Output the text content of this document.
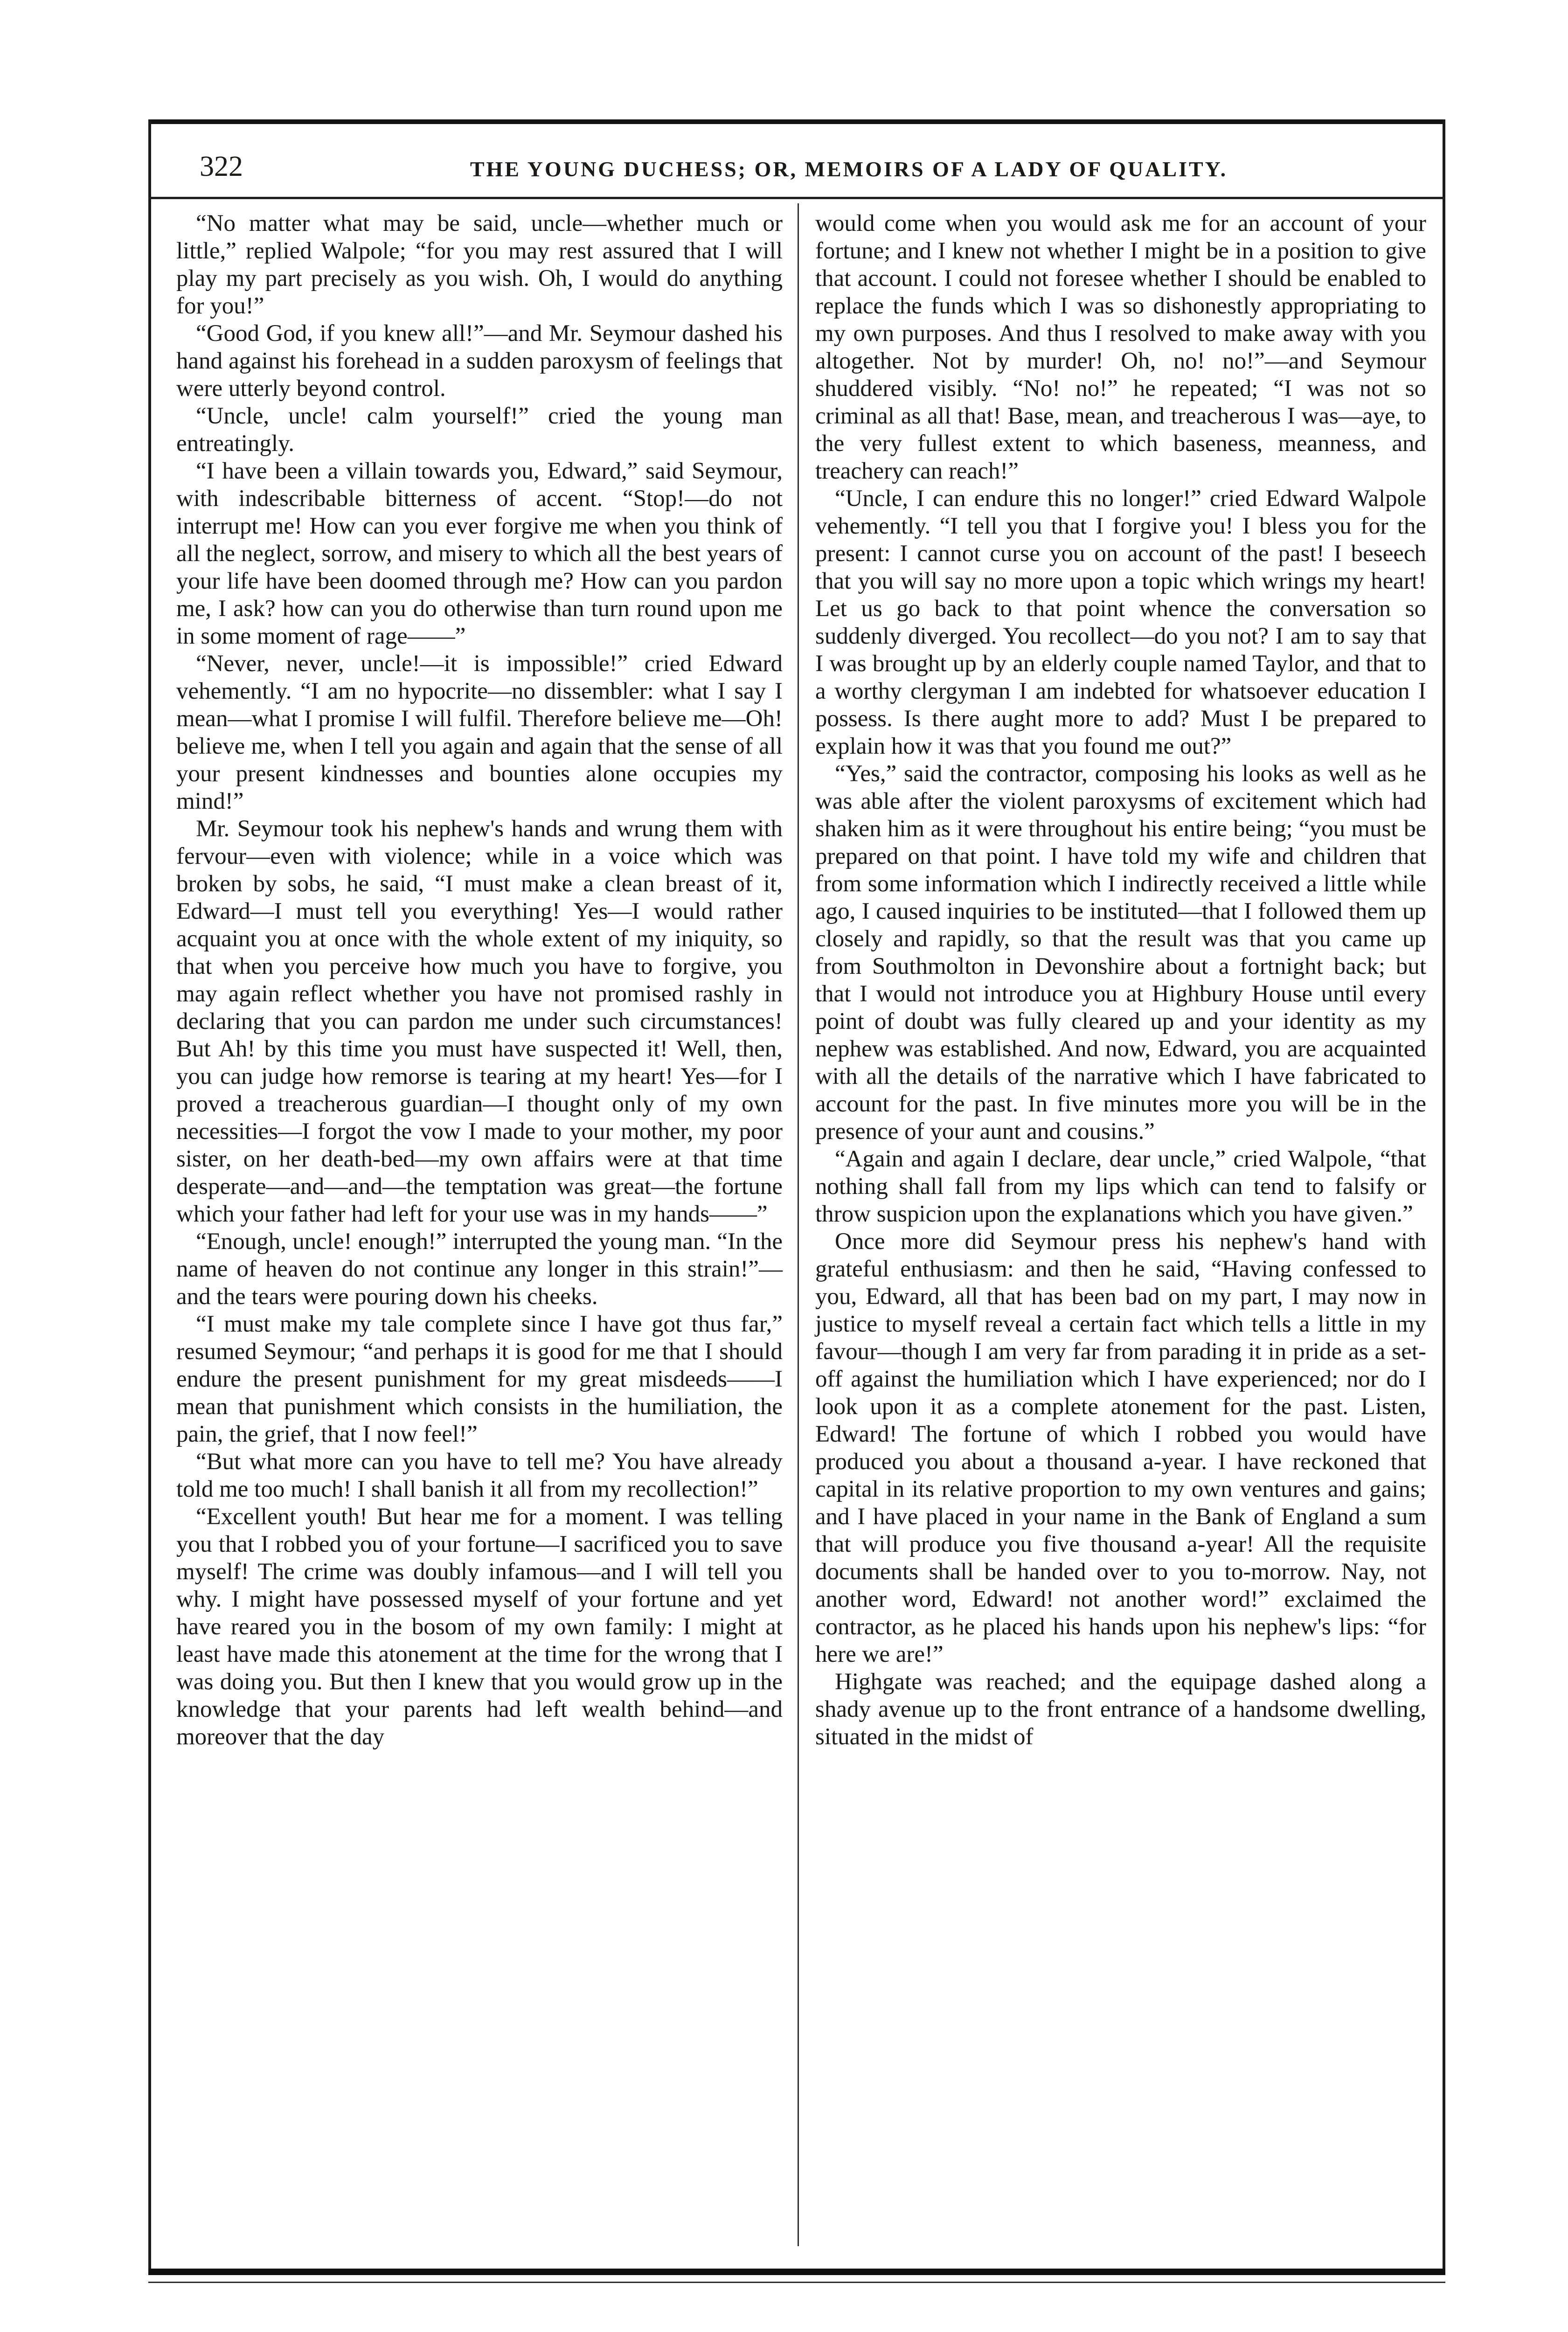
322	THE YOUNG DUCHESS; OR, MEMOIRS OF A LADY OF QUALITY.

“No matter what may be said, uncle—whether much or little,” replied Walpole; “for you may rest assured that I will play my part precisely as you wish. Oh, I would do anything for you!”

“Good God, if you knew all!”—and Mr. Seymour dashed his hand against his forehead in a sudden paroxysm of feelings that were utterly beyond control.

“Uncle, uncle! calm yourself!” cried the young man entreatingly.

“I have been a villain towards you, Edward,” said Seymour, with indescribable bitterness of accent. “Stop!—do not interrupt me! How can you ever forgive me when you think of all the neglect, sorrow, and misery to which all the best years of your life have been doomed through me? How can you pardon me, I ask? how can you do otherwise than turn round upon me in some moment of rage——”

“Never, never, uncle!—it is impossible!” cried Edward vehemently. “I am no hypocrite—no dissembler: what I say I mean—what I promise I will fulfil. Therefore believe me—Oh! believe me, when I tell you again and again that the sense of all your present kindnesses and bounties alone occupies my mind!”

Mr. Seymour took his nephew's hands and wrung them with fervour—even with violence; while in a voice which was broken by sobs, he said, “I must make a clean breast of it, Edward—I must tell you everything! Yes—I would rather acquaint you at once with the whole extent of my iniquity, so that when you perceive how much you have to forgive, you may again reflect whether you have not promised rashly in declaring that you can pardon me under such circumstances! But Ah! by this time you must have suspected it! Well, then, you can judge how remorse is tearing at my heart! Yes—for I proved a treacherous guardian—I thought only of my own necessities—I forgot the vow I made to your mother, my poor sister, on her death-bed—my own affairs were at that time desperate—and—and—the temptation was great—the fortune which your father had left for your use was in my hands——”

“Enough, uncle! enough!” interrupted the young man. “In the name of heaven do not continue any longer in this strain!”—and the tears were pouring down his cheeks.

“I must make my tale complete since I have got thus far,” resumed Seymour; “and perhaps it is good for me that I should endure the present punishment for my great misdeeds——I mean that punishment which consists in the humiliation, the pain, the grief, that I now feel!”

“But what more can you have to tell me? You have already told me too much! I shall banish it all from my recollection!”

“Excellent youth! But hear me for a moment. I was telling you that I robbed you of your fortune—I sacrificed you to save myself! The crime was doubly infamous—and I will tell you why. I might have possessed myself of your fortune and yet have reared you in the bosom of my own family: I might at least have made this atonement at the time for the wrong that I was doing you. But then I knew that you would grow up in the knowledge that your parents had left wealth behind—and moreover that the day

would come when you would ask me for an account of your fortune; and I knew not whether I might be in a position to give that account. I could not foresee whether I should be enabled to replace the funds which I was so dishonestly appropriating to my own purposes. And thus I resolved to make away with you altogether. Not by murder! Oh, no! no!”—and Seymour shuddered visibly. “No! no!” he repeated; “I was not so criminal as all that! Base, mean, and treacherous I was—aye, to the very fullest extent to which baseness, meanness, and treachery can reach!”

“Uncle, I can endure this no longer!” cried Edward Walpole vehemently. “I tell you that I forgive you! I bless you for the present: I cannot curse you on account of the past! I beseech that you will say no more upon a topic which wrings my heart! Let us go back to that point whence the conversation so suddenly diverged. You recollect—do you not? I am to say that I was brought up by an elderly couple named Taylor, and that to a worthy clergyman I am indebted for whatsoever education I possess. Is there aught more to add? Must I be prepared to explain how it was that you found me out?”

“Yes,” said the contractor, composing his looks as well as he was able after the violent paroxysms of excitement which had shaken him as it were throughout his entire being; “you must be prepared on that point. I have told my wife and children that from some information which I indirectly received a little while ago, I caused inquiries to be instituted—that I followed them up closely and rapidly, so that the result was that you came up from Southmolton in Devonshire about a fortnight back; but that I would not introduce you at Highbury House until every point of doubt was fully cleared up and your identity as my nephew was established. And now, Edward, you are acquainted with all the details of the narrative which I have fabricated to account for the past. In five minutes more you will be in the presence of your aunt and cousins.”

“Again and again I declare, dear uncle,” cried Walpole, “that nothing shall fall from my lips which can tend to falsify or throw suspicion upon the explanations which you have given.”

Once more did Seymour press his nephew's hand with grateful enthusiasm: and then he said, “Having confessed to you, Edward, all that has been bad on my part, I may now in justice to myself reveal a certain fact which tells a little in my favour—though I am very far from parading it in pride as a set-off against the humiliation which I have experienced; nor do I look upon it as a complete atonement for the past. Listen, Edward! The fortune of which I robbed you would have produced you about a thousand a-year. I have reckoned that capital in its relative proportion to my own ventures and gains; and I have placed in your name in the Bank of England a sum that will produce you five thousand a-year! All the requisite documents shall be handed over to you to-morrow. Nay, not another word, Edward! not another word!” exclaimed the contractor, as he placed his hands upon his nephew's lips: “for here we are!”

Highgate was reached; and the equipage dashed along a shady avenue up to the front entrance of a handsome dwelling, situated in the midst of
